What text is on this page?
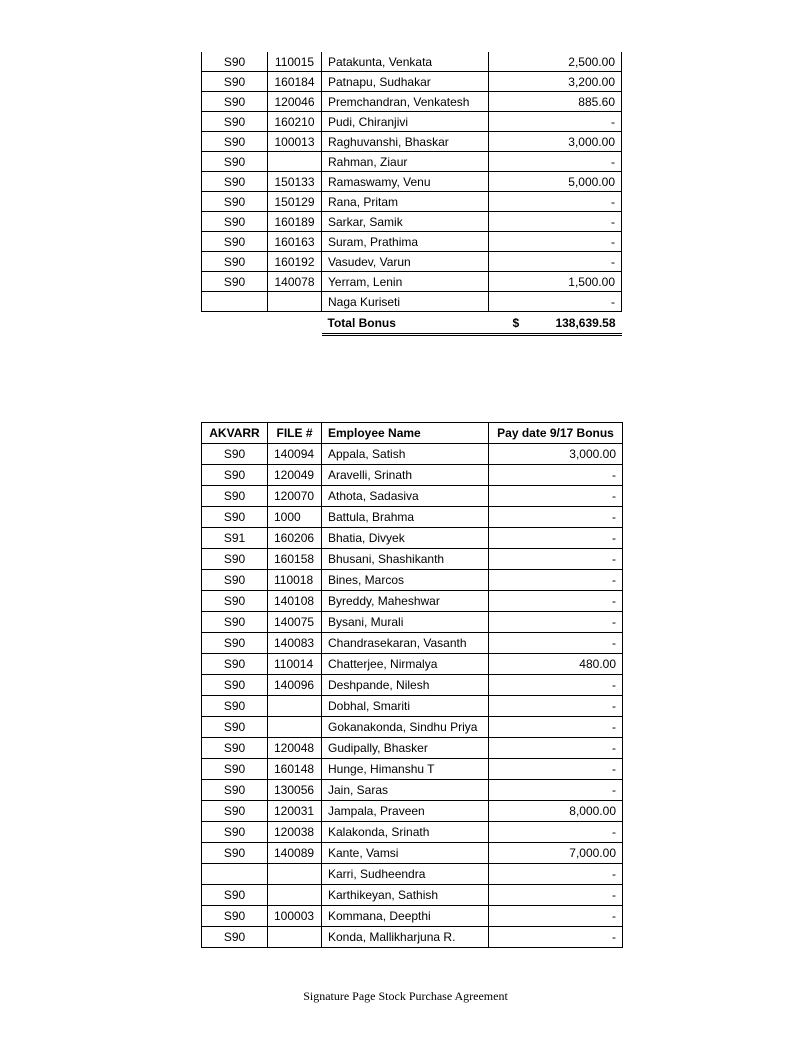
S90	110015	Patakunta, Venkata	2,500.00
S90	160184	Patnapu, Sudhakar	3,200.00
S90	120046	Premchandran, Venkatesh	885.60
S90	160210	Pudi, Chiranjivi	-
S90	100013	Raghuvanshi, Bhaskar	3,000.00
S90		Rahman, Ziaur	-
S90	150133	Ramaswamy, Venu	5,000.00
S90	150129	Rana, Pritam	-
S90	160189	Sarkar, Samik	-
S90	160163	Suram, Prathima	-
S90	160192	Vasudev, Varun	-
S90	140078	Yerram, Lenin	1,500.00
		Naga Kuriseti	-
		Total Bonus	$ 138,639.58
AKVARR	FILE #	Employee Name	Pay date 9/17 Bonus
S90	140094	Appala, Satish	3,000.00
S90	120049	Aravelli, Srinath	-
S90	120070	Athota, Sadasiva	-
S90	1000	Battula, Brahma	-
S91	160206	Bhatia, Divyek	-
S90	160158	Bhusani, Shashikanth	-
S90	110018	Bines, Marcos	-
S90	140108	Byreddy, Maheshwar	-
S90	140075	Bysani, Murali	-
S90	140083	Chandrasekaran, Vasanth	-
S90	110014	Chatterjee, Nirmalya	480.00
S90	140096	Deshpande, Nilesh	-
S90		Dobhal, Smariti	-
S90		Gokanakonda, Sindhu Priya	-
S90	120048	Gudipally, Bhasker	-
S90	160148	Hunge, Himanshu T	-
S90	130056	Jain, Saras	-
S90	120031	Jampala, Praveen	8,000.00
S90	120038	Kalakonda, Srinath	-
S90	140089	Kante, Vamsi	7,000.00
		Karri, Sudheendra	-
S90		Karthikeyan, Sathish	-
S90	100003	Kommana, Deepthi	-
S90		Konda, Mallikharjuna R.	-
Signature Page Stock Purchase Agreement
